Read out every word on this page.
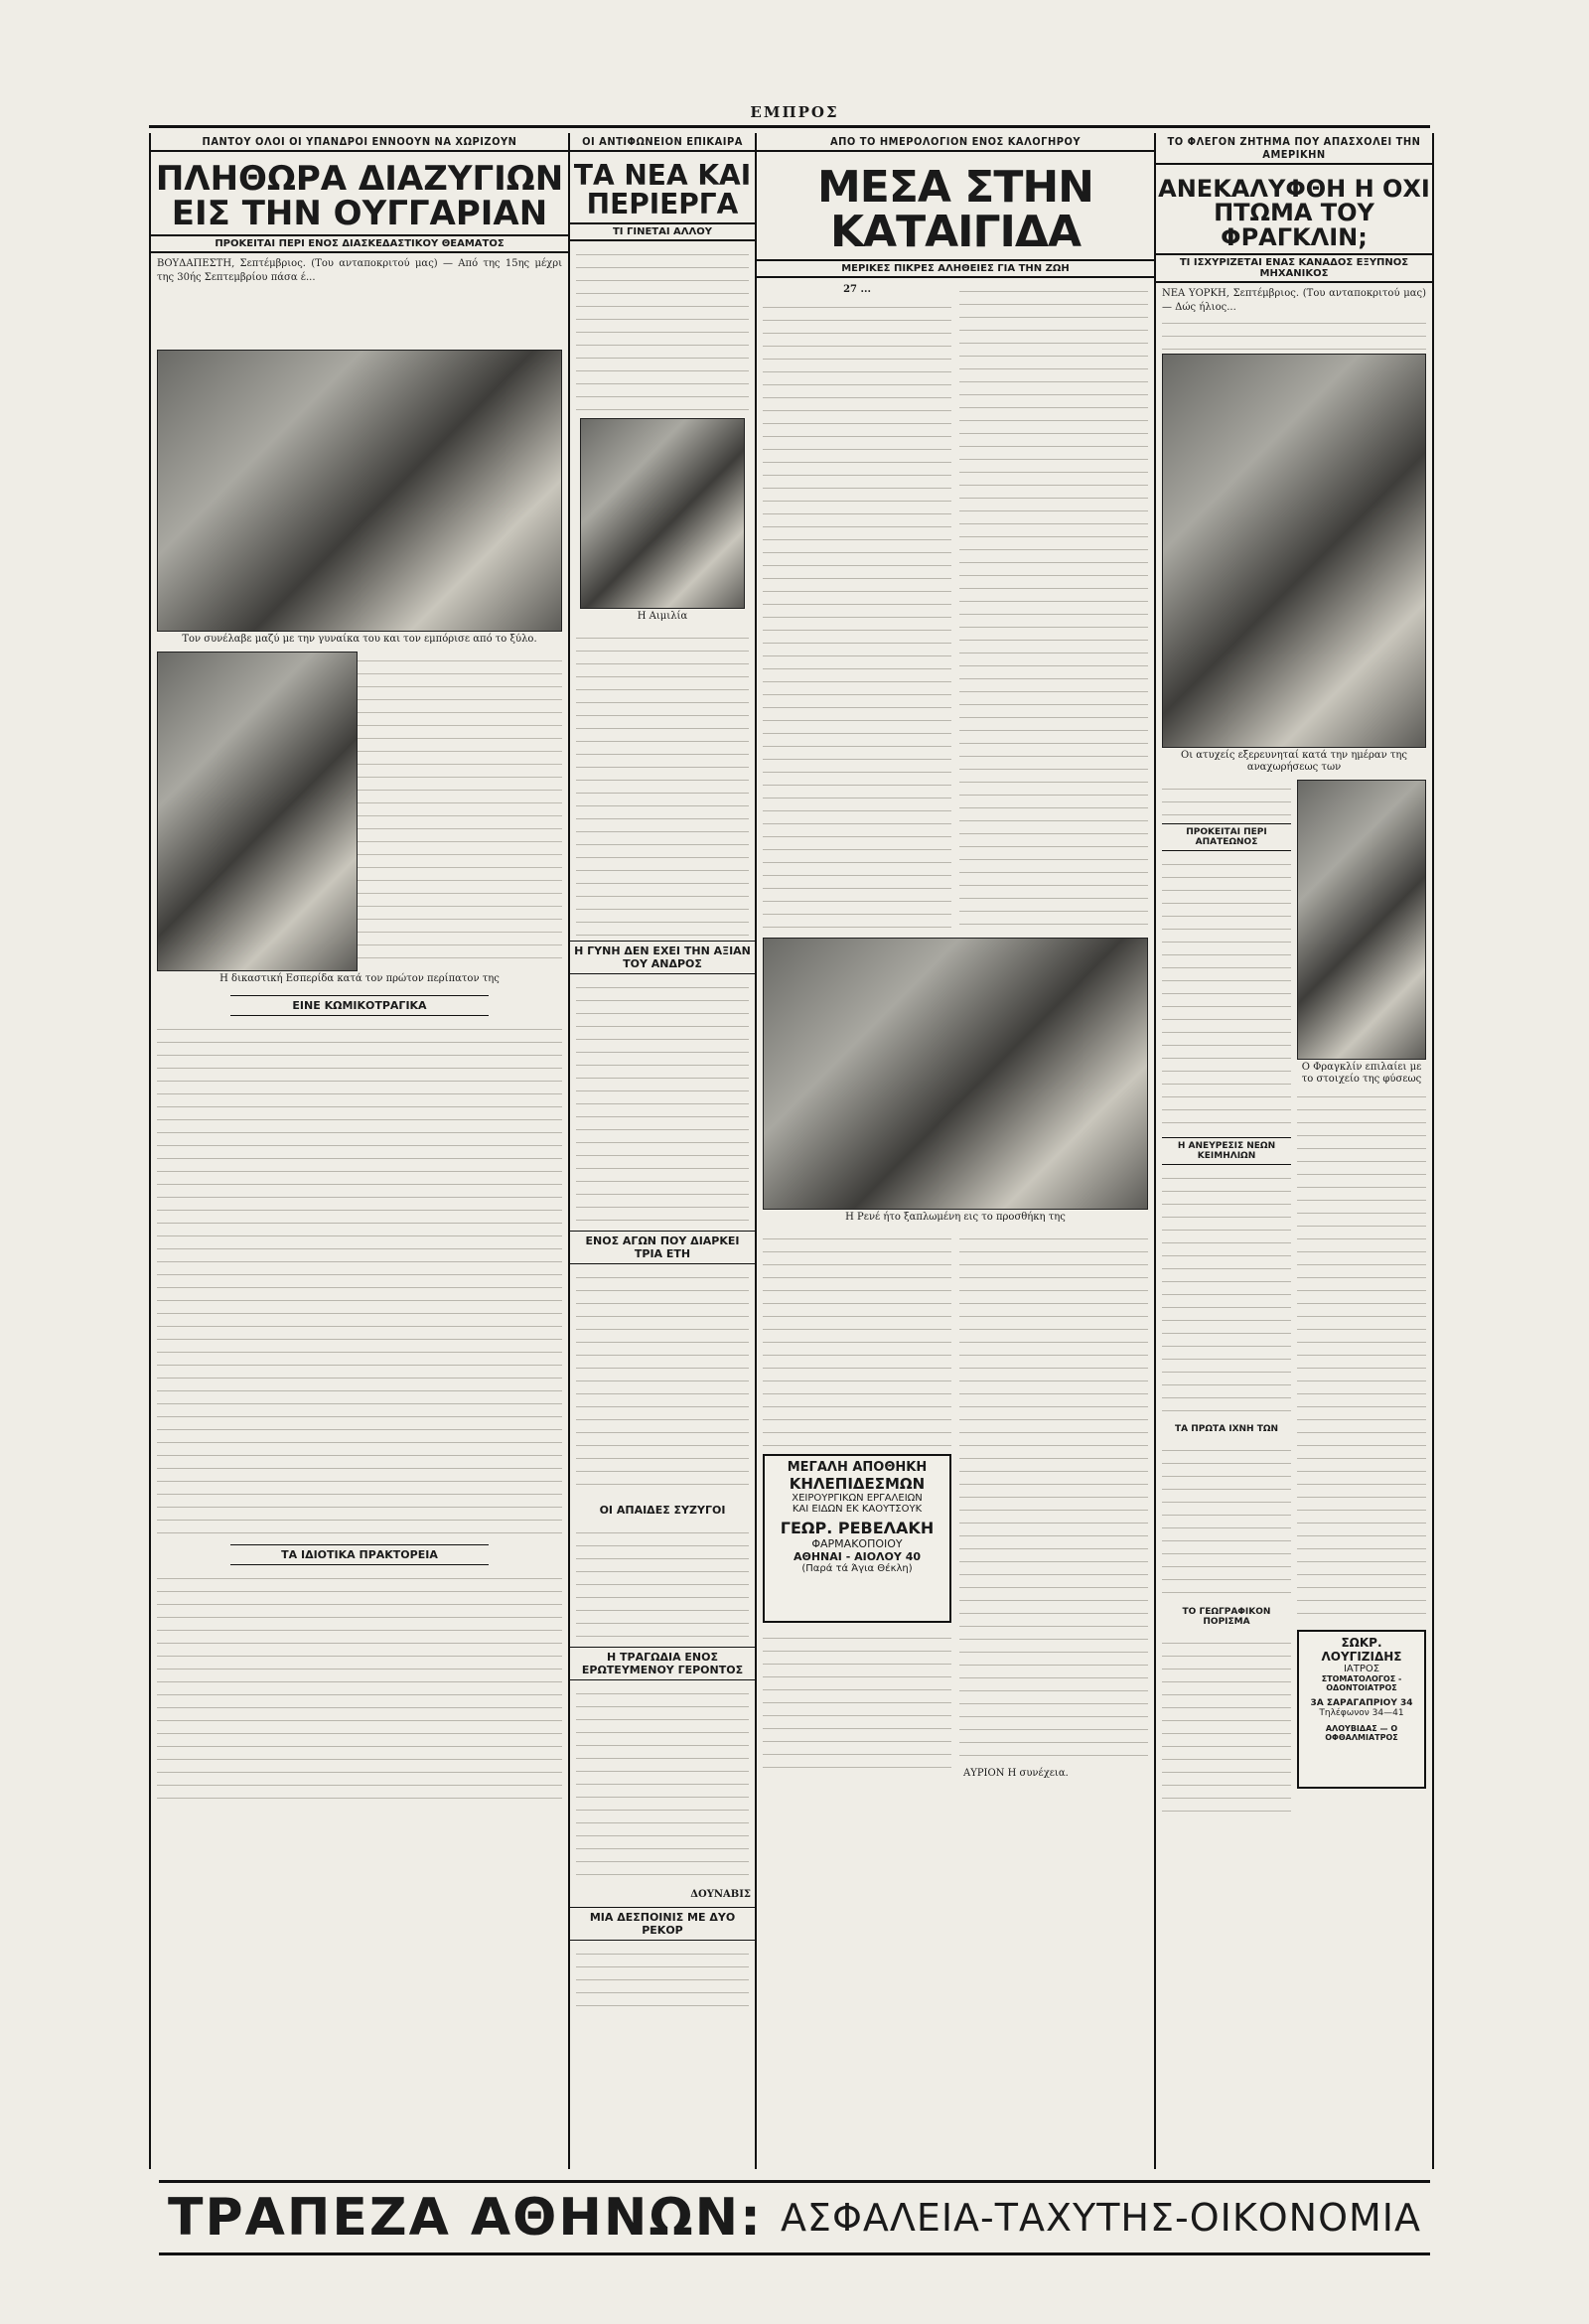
ΕΜΠΡΟΣ
ΠΑΝΤΟΥ ΟΛΟΙ ΟΙ ΥΠΑΝΔΡΟΙ ΕΝΝΟΟΥΝ ΝΑ ΧΩΡΙΖΟΥΝ
ΠΛΗΘΩΡΑ ΔΙΑΖΥΓΙΩΝ
ΕΙΣ ΤΗΝ ΟΥΓΓΑΡΙΑΝ
ΠΡΟΚΕΙΤΑΙ ΠΕΡΙ ΕΝΟΣ ΔΙΑΣΚΕΔΑΣΤΙΚΟΥ ΘΕΑΜΑΤΟΣ
ΒΟΥΔΑΠΕΣΤΗ, Σεπτέμβριος. (Του ανταποκριτού μας) — Από της 15ης μέχρι της 30ής Σεπτεμβρίου πάσα έ...
Τον συνέλαβε μαζύ με την γυναίκα του και τον εμπόρισε από το ξύλο.
Η δικαστική Εσπερίδα κατά τον πρώτον περίπατον της
ΕΙΝΕ ΚΩΜΙΚΟΤΡΑΓΙΚΑ
ΤΑ ΙΔΙΟΤΙΚΑ ΠΡΑΚΤΟΡΕΙΑ
ΟΙ ΑΝΤΙΦΩΝΕΙΟΝ ΕΠΙΚΑΙΡΑ
ΤΑ ΝΕΑ ΚΑΙ
ΠΕΡΙΕΡΓΑ
ΤΙ ΓΙΝΕΤΑΙ ΑΛΛΟΥ
Η Αιμιλία
Η ΓΥΝΗ ΔΕΝ ΕΧΕΙ ΤΗΝ ΑΞΙΑΝ ΤΟΥ ΑΝΔΡΟΣ
ΕΝΟΣ ΑΓΩΝ ΠΟΥ ΔΙΑΡΚΕΙ ΤΡΙΑ ΕΤΗ
ΟΙ ΑΠΑΙΔΕΣ ΣΥΖΥΓΟΙ
Η ΤΡΑΓΩΔΙΑ ΕΝΟΣ ΕΡΩΤΕΥΜΕΝΟΥ ΓΕΡΟΝΤΟΣ
ΔΟΥΝΑΒΙΣ
ΜΙΑ ΔΕΣΠΟΙΝΙΣ ΜΕ ΔΥΟ ΡΕΚΟΡ
ΑΠΟ ΤΟ ΗΜΕΡΟΛΟΓΙΟΝ ΕΝΟΣ ΚΑΛΟΓΗΡΟΥ
ΜΕΣΑ ΣΤΗΝ ΚΑΤΑΙΓΙΔΑ
ΜΕΡΙΚΕΣ ΠΙΚΡΕΣ ΑΛΗΘΕΙΕΣ ΓΙΑ ΤΗΝ ΖΩΗ
27 ...
Η Ρενέ ήτο ξαπλωμένη εις το προσθήκη της
ΜΕΓΑΛΗ ΑΠΟΘΗΚΗ
ΚΗΛΕΠΙΔΕΣΜΩΝ
ΧΕΙΡΟΥΡΓΙΚΩΝ ΕΡΓΑΛΕΙΩΝ
ΚΑΙ ΕΙΔΩΝ ΕΚ ΚΑΟΥΤΣΟΥΚ
ΓΕΩΡ. ΡΕΒΕΛΑΚΗ
ΦΑΡΜΑΚΟΠΟΙΟΥ
ΑΘΗΝΑΙ - ΑΙΟΛΟΥ 40
(Παρά τά Άγια Θέκλη)
ΑΥΡΙΟΝ Η συνέχεια.
ΤΟ ΦΛΕΓΟΝ ΖΗΤΗΜΑ ΠΟΥ ΑΠΑΣΧΟΛΕΙ ΤΗΝ ΑΜΕΡΙΚΗΝ
ΑΝΕΚΑΛΥΦΘΗ Η ΟΧΙ
ΠΤΩΜΑ ΤΟΥ ΦΡΑΓΚΛΙΝ;
ΤΙ ΙΣΧΥΡΙΖΕΤΑΙ ΕΝΑΣ ΚΑΝΑΔΟΣ ΕΞΥΠΝΟΣ ΜΗΧΑΝΙΚΟΣ
ΝΕΑ ΥΟΡΚΗ, Σεπτέμβριος. (Του ανταποκριτού μας) — Δώς ήλιος...
Οι ατυχείς εξερευνηταί κατά την ημέραν της αναχωρήσεως των
ΠΡΟΚΕΙΤΑΙ ΠΕΡΙ ΑΠΑΤΕΩΝΟΣ
Η ΑΝΕΥΡΕΣΙΣ ΝΕΩΝ ΚΕΙΜΗΛΙΩΝ
ΤΑ ΠΡΩΤΑ ΙΧΝΗ ΤΩΝ
ΤΟ ΓΕΩΓΡΑΦΙΚΟΝ ΠΟΡΙΣΜΑ
Ο Φραγκλίν επιλαίει με το στοιχείο της φύσεως
ΣΩΚΡ. ΛΟΥΓΙΖΙΔΗΣ
ΙΑΤΡΟΣ
ΣΤΟΜΑΤΟΛΟΓΟΣ - ΟΔΟΝΤΟΙΑΤΡΟΣ
3Α ΣΑΡΑΓΑΠΡΙΟΥ 34
Τηλέφωνον 34—41
ΑΛΟΥΒΙΔΑΣ — Ο ΟΦΘΑΛΜΙΑΤΡΟΣ
ΤΡΑΠΕΖΑ ΑΘΗΝΩΝ: ΑΣΦΑΛΕΙΑ-ΤΑΧΥΤΗΣ-ΟΙΚΟΝΟΜΙΑ
